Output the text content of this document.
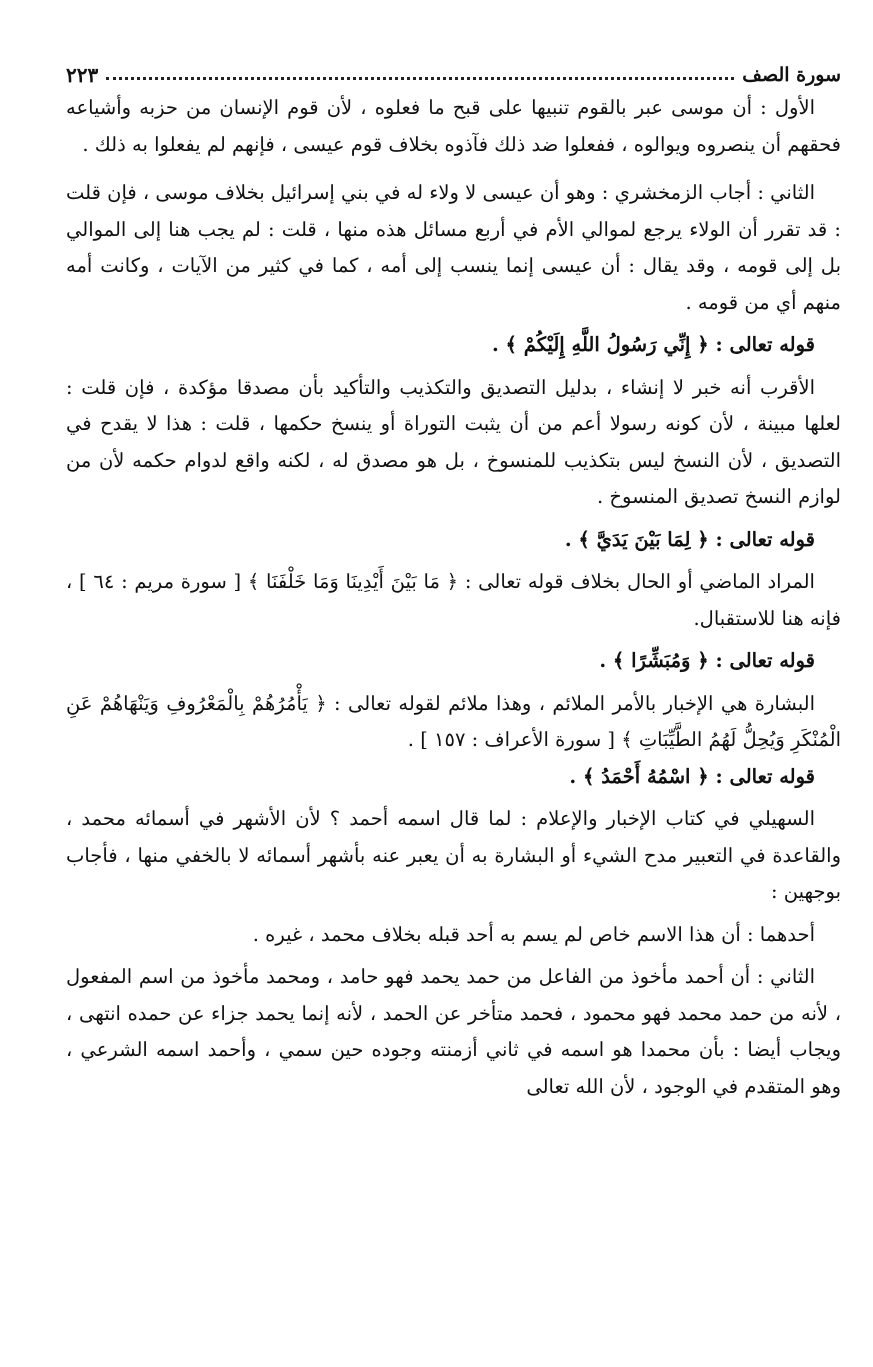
سورة الصف
٢٢٣

الأول : أن موسى عبر بالقوم تنبيها على قبح ما فعلوه ، لأن قوم الإنسان من حزبه وأشياعه فحقهم أن ينصروه ويوالوه ، ففعلوا ضد ذلك فآذوه بخلاف قوم عيسى ، فإنهم لم يفعلوا به ذلك .

الثاني : أجاب الزمخشري : وهو أن عيسى لا ولاء له في بني إسرائيل بخلاف موسى ، فإن قلت : قد تقرر أن الولاء يرجع لموالي الأم في أربع مسائل هذه منها ، قلت : لم يجب هنا إلى الموالي بل إلى قومه ، وقد يقال : أن عيسى إنما ينسب إلى أمه ، كما في كثير من الآيات ، وكانت أمه منهم أي من قومه .

قوله تعالى : ﴿ إِنِّي رَسُولُ اللَّهِ إِلَيْكُمْ ﴾ .

الأقرب أنه خبر لا إنشاء ، بدليل التصديق والتكذيب والتأكيد بأن مصدقا مؤكدة ، فإن قلت : لعلها مبينة ، لأن كونه رسولا أعم من أن يثبت التوراة أو ينسخ حكمها ، قلت : هذا لا يقدح في التصديق ، لأن النسخ ليس بتكذيب للمنسوخ ، بل هو مصدق له ، لكنه واقع لدوام حكمه لأن من لوازم النسخ تصديق المنسوخ .

قوله تعالى : ﴿ لِمَا بَيْنَ يَدَيَّ ﴾ .

المراد الماضي أو الحال بخلاف قوله تعالى : ﴿ مَا بَيْنَ أَيْدِينَا وَمَا خَلْفَنَا ﴾ [ سورة مريم : ٦٤ ] ، فإنه هنا للاستقبال.

قوله تعالى : ﴿ وَمُبَشِّرًا ﴾ .

البشارة هي الإخبار بالأمر الملائم ، وهذا ملائم لقوله تعالى : ﴿ يَأْمُرُهُمْ بِالْمَعْرُوفِ وَيَنْهَاهُمْ عَنِ الْمُنْكَرِ وَيُحِلُّ لَهُمُ الطَّيِّبَاتِ ﴾ [ سورة الأعراف : ١٥٧ ] .

قوله تعالى : ﴿ اسْمُهُ أَحْمَدُ ﴾ .

السهيلي في كتاب الإخبار والإعلام : لما قال اسمه أحمد ؟ لأن الأشهر في أسمائه محمد ، والقاعدة في التعبير مدح الشيء أو البشارة به أن يعبر عنه بأشهر أسمائه لا بالخفي منها ، فأجاب بوجهين :

أحدهما : أن هذا الاسم خاص لم يسم به أحد قبله بخلاف محمد ، غيره .

الثاني : أن أحمد مأخوذ من الفاعل من حمد يحمد فهو حامد ، ومحمد مأخوذ من اسم المفعول ، لأنه من حمد محمد فهو محمود ، فحمد متأخر عن الحمد ، لأنه إنما يحمد جزاء عن حمده انتهى ، ويجاب أيضا : بأن محمدا هو اسمه في ثاني أزمنته وجوده حين سمي ، وأحمد اسمه الشرعي ، وهو المتقدم في الوجود ، لأن الله تعالى
